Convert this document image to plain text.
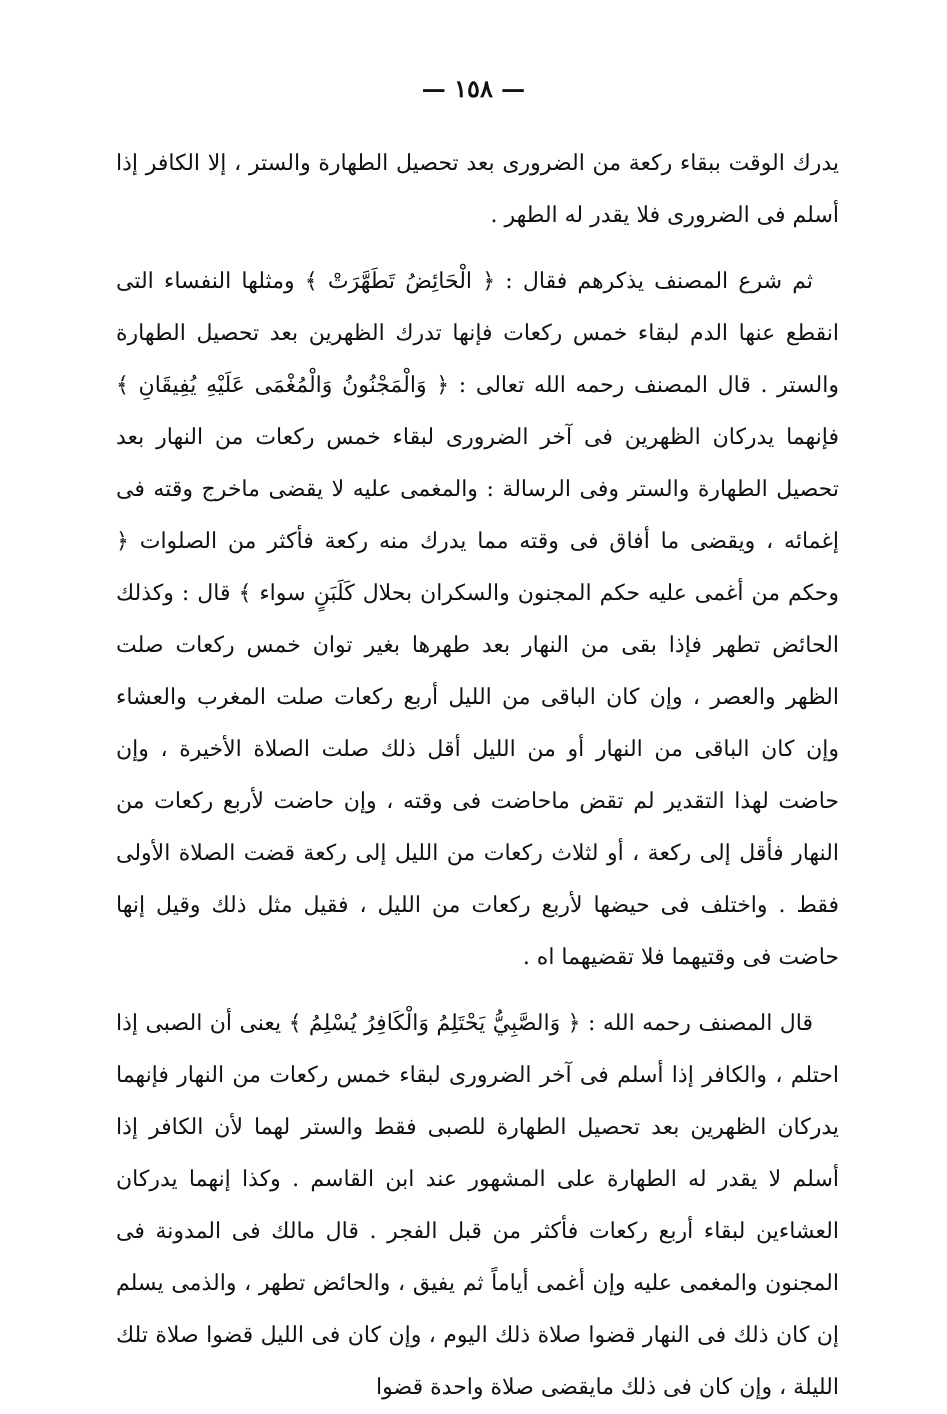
— ١٥٨ —

يدرك الوقت ببقاء ركعة من الضرورى بعد تحصيل الطهارة والستر ، إلا الكافر إذا أسلم فى الضرورى فلا يقدر له الطهر .

ثم شرع المصنف يذكرهم فقال : ﴿ الْحَائِضُ تَطَهَّرَتْ ﴾ ومثلها النفساء التى انقطع عنها الدم لبقاء خمس ركعات فإنها تدرك الظهرين بعد تحصيل الطهارة والستر . قال المصنف رحمه الله تعالى : ﴿ وَالْمَجْنُونُ وَالْمُغْمَى عَلَيْهِ يُفِيقَانِ ﴾ فإنهما يدركان الظهرين فى آخر الضرورى لبقاء خمس ركعات من النهار بعد تحصيل الطهارة والستر وفى الرسالة : والمغمى عليه لا يقضى ماخرج وقته فى إغمائه ، ويقضى ما أفاق فى وقته مما يدرك منه ركعة فأكثر من الصلوات ﴿ وحكم من أغمى عليه حكم المجنون والسكران بحلال كَلَبَنٍ سواء ﴾ قال : وكذلك الحائض تطهر فإذا بقى من النهار بعد طهرها بغير توان خمس ركعات صلت الظهر والعصر ، وإن كان الباقى من الليل أربع ركعات صلت المغرب والعشاء وإن كان الباقى من النهار أو من الليل أقل ذلك صلت الصلاة الأخيرة ، وإن حاضت لهذا التقدير لم تقض ماحاضت فى وقته ، وإن حاضت لأربع ركعات من النهار فأقل إلى ركعة ، أو لثلاث ركعات من الليل إلى ركعة قضت الصلاة الأولى فقط . واختلف فى حيضها لأربع ركعات من الليل ، فقيل مثل ذلك وقيل إنها حاضت فى وقتيهما فلا تقضيهما اه .

قال المصنف رحمه الله : ﴿ وَالصَّبِيُّ يَحْتَلِمُ وَالْكَافِرُ يُسْلِمُ ﴾ يعنى أن الصبى إذا احتلم ، والكافر إذا أسلم فى آخر الضرورى لبقاء خمس ركعات من النهار فإنهما يدركان الظهرين بعد تحصيل الطهارة للصبى فقط والستر لهما لأن الكافر إذا أسلم لا يقدر له الطهارة على المشهور عند ابن القاسم . وكذا إنهما يدركان العشاءين لبقاء أربع ركعات فأكثر من قبل الفجر . قال مالك فى المدونة فى المجنون والمغمى عليه وإن أغمى أياماً ثم يفيق ، والحائض تطهر ، والذمى يسلم إن كان ذلك فى النهار قضوا صلاة ذلك اليوم ، وإن كان فى الليل قضوا صلاة تلك الليلة ، وإن كان فى ذلك مايقضى صلاة واحدة قضوا
